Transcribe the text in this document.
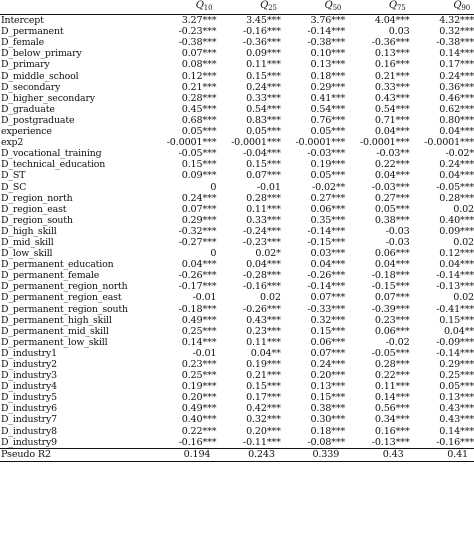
	$Q_{10}$	$Q_{25}$	$Q_{50}$	$Q_{75}$	$Q_{90}$
Intercept	3.27***	3.45***	3.76***	4.04***	4.32***
D_permanent	-0.23***	-0.16***	-0.14***	0.03	0.32***
D_female	-0.38***	-0.36***	-0.38***	-0.36***	-0.38***
D_below_primary	0.07***	0.09***	0.10***	0.13***	0.14***
D_primary	0.08***	0.11***	0.13***	0.16***	0.17***
D_middle_school	0.12***	0.15***	0.18***	0.21***	0.24***
D_secondary	0.21***	0.24***	0.29***	0.33***	0.36***
D_higher_secondary	0.28***	0.33***	0.41***	0.43***	0.46***
D_graduate	0.45***	0.54***	0.54***	0.54***	0.62***
D_postgraduate	0.68***	0.83***	0.76***	0.71***	0.80***
experience	0.05***	0.05***	0.05***	0.04***	0.04***
exp2	-0.0001***	-0.0001***	-0.0001***	-0.0001***	-0.0001***
D_vocational_training	-0.05***	-0.04***	-0.03***	-0.03**	-0.02*
D_technical_education	0.15***	0.15***	0.19***	0.22***	0.24***
D_ST	0.09***	0.07***	0.05***	0.04***	0.04***
D_SC	0	-0.01	-0.02**	-0.03***	-0.05***
D_region_north	0.24***	0.28***	0.27***	0.27***	0.28***
D_region_east	0.07***	0.11***	0.06***	0.05***	0.02
D_region_south	0.29***	0.33***	0.35***	0.38***	0.40***
D_high_skill	-0.32***	-0.24***	-0.14***	-0.03	0.09***
D_mid_skill	-0.27***	-0.23***	-0.15***	-0.03	0.02
D_low_skill	0	0.02*	0.03***	0.06***	0.12***
D_permanent_education	0.04***	0.04***	0.04***	0.04***	0.04***
D_permanent_female	-0.26***	-0.28***	-0.26***	-0.18***	-0.14***
D_permanent_region_north	-0.17***	-0.16***	-0.14***	-0.15***	-0.13***
D_permanent_region_east	-0.01	0.02	0.07***	0.07***	0.02
D_permanent_region_south	-0.18***	-0.26***	-0.33***	-0.39***	-0.41***
D_permanent_high_skill	0.49***	0.43***	0.32***	0.23***	0.15***
D_permanent_mid_skill	0.25***	0.23***	0.15***	0.06***	0.04**
D_permanent_low_skill	0.14***	0.11***	0.06***	-0.02	-0.09***
D_industry1	-0.01	0.04**	0.07***	-0.05***	-0.14***
D_industry2	0.23***	0.19***	0.24***	0.28***	0.29***
D_industry3	0.25***	0.21***	0.20***	0.22***	0.25***
D_industry4	0.19***	0.15***	0.13***	0.11***	0.05***
D_industry5	0.20***	0.17***	0.15***	0.14***	0.13***
D_industry6	0.49***	0.42***	0.38***	0.56***	0.43***
D_industry7	0.40***	0.32***	0.30***	0.34***	0.43***
D_industry8	0.22***	0.20***	0.18***	0.16***	0.14***
D_industry9	-0.16***	-0.11***	-0.08***	-0.13***	-0.16***
Pseudo R2	0.194	0.243	0.339	0.43	0.41
